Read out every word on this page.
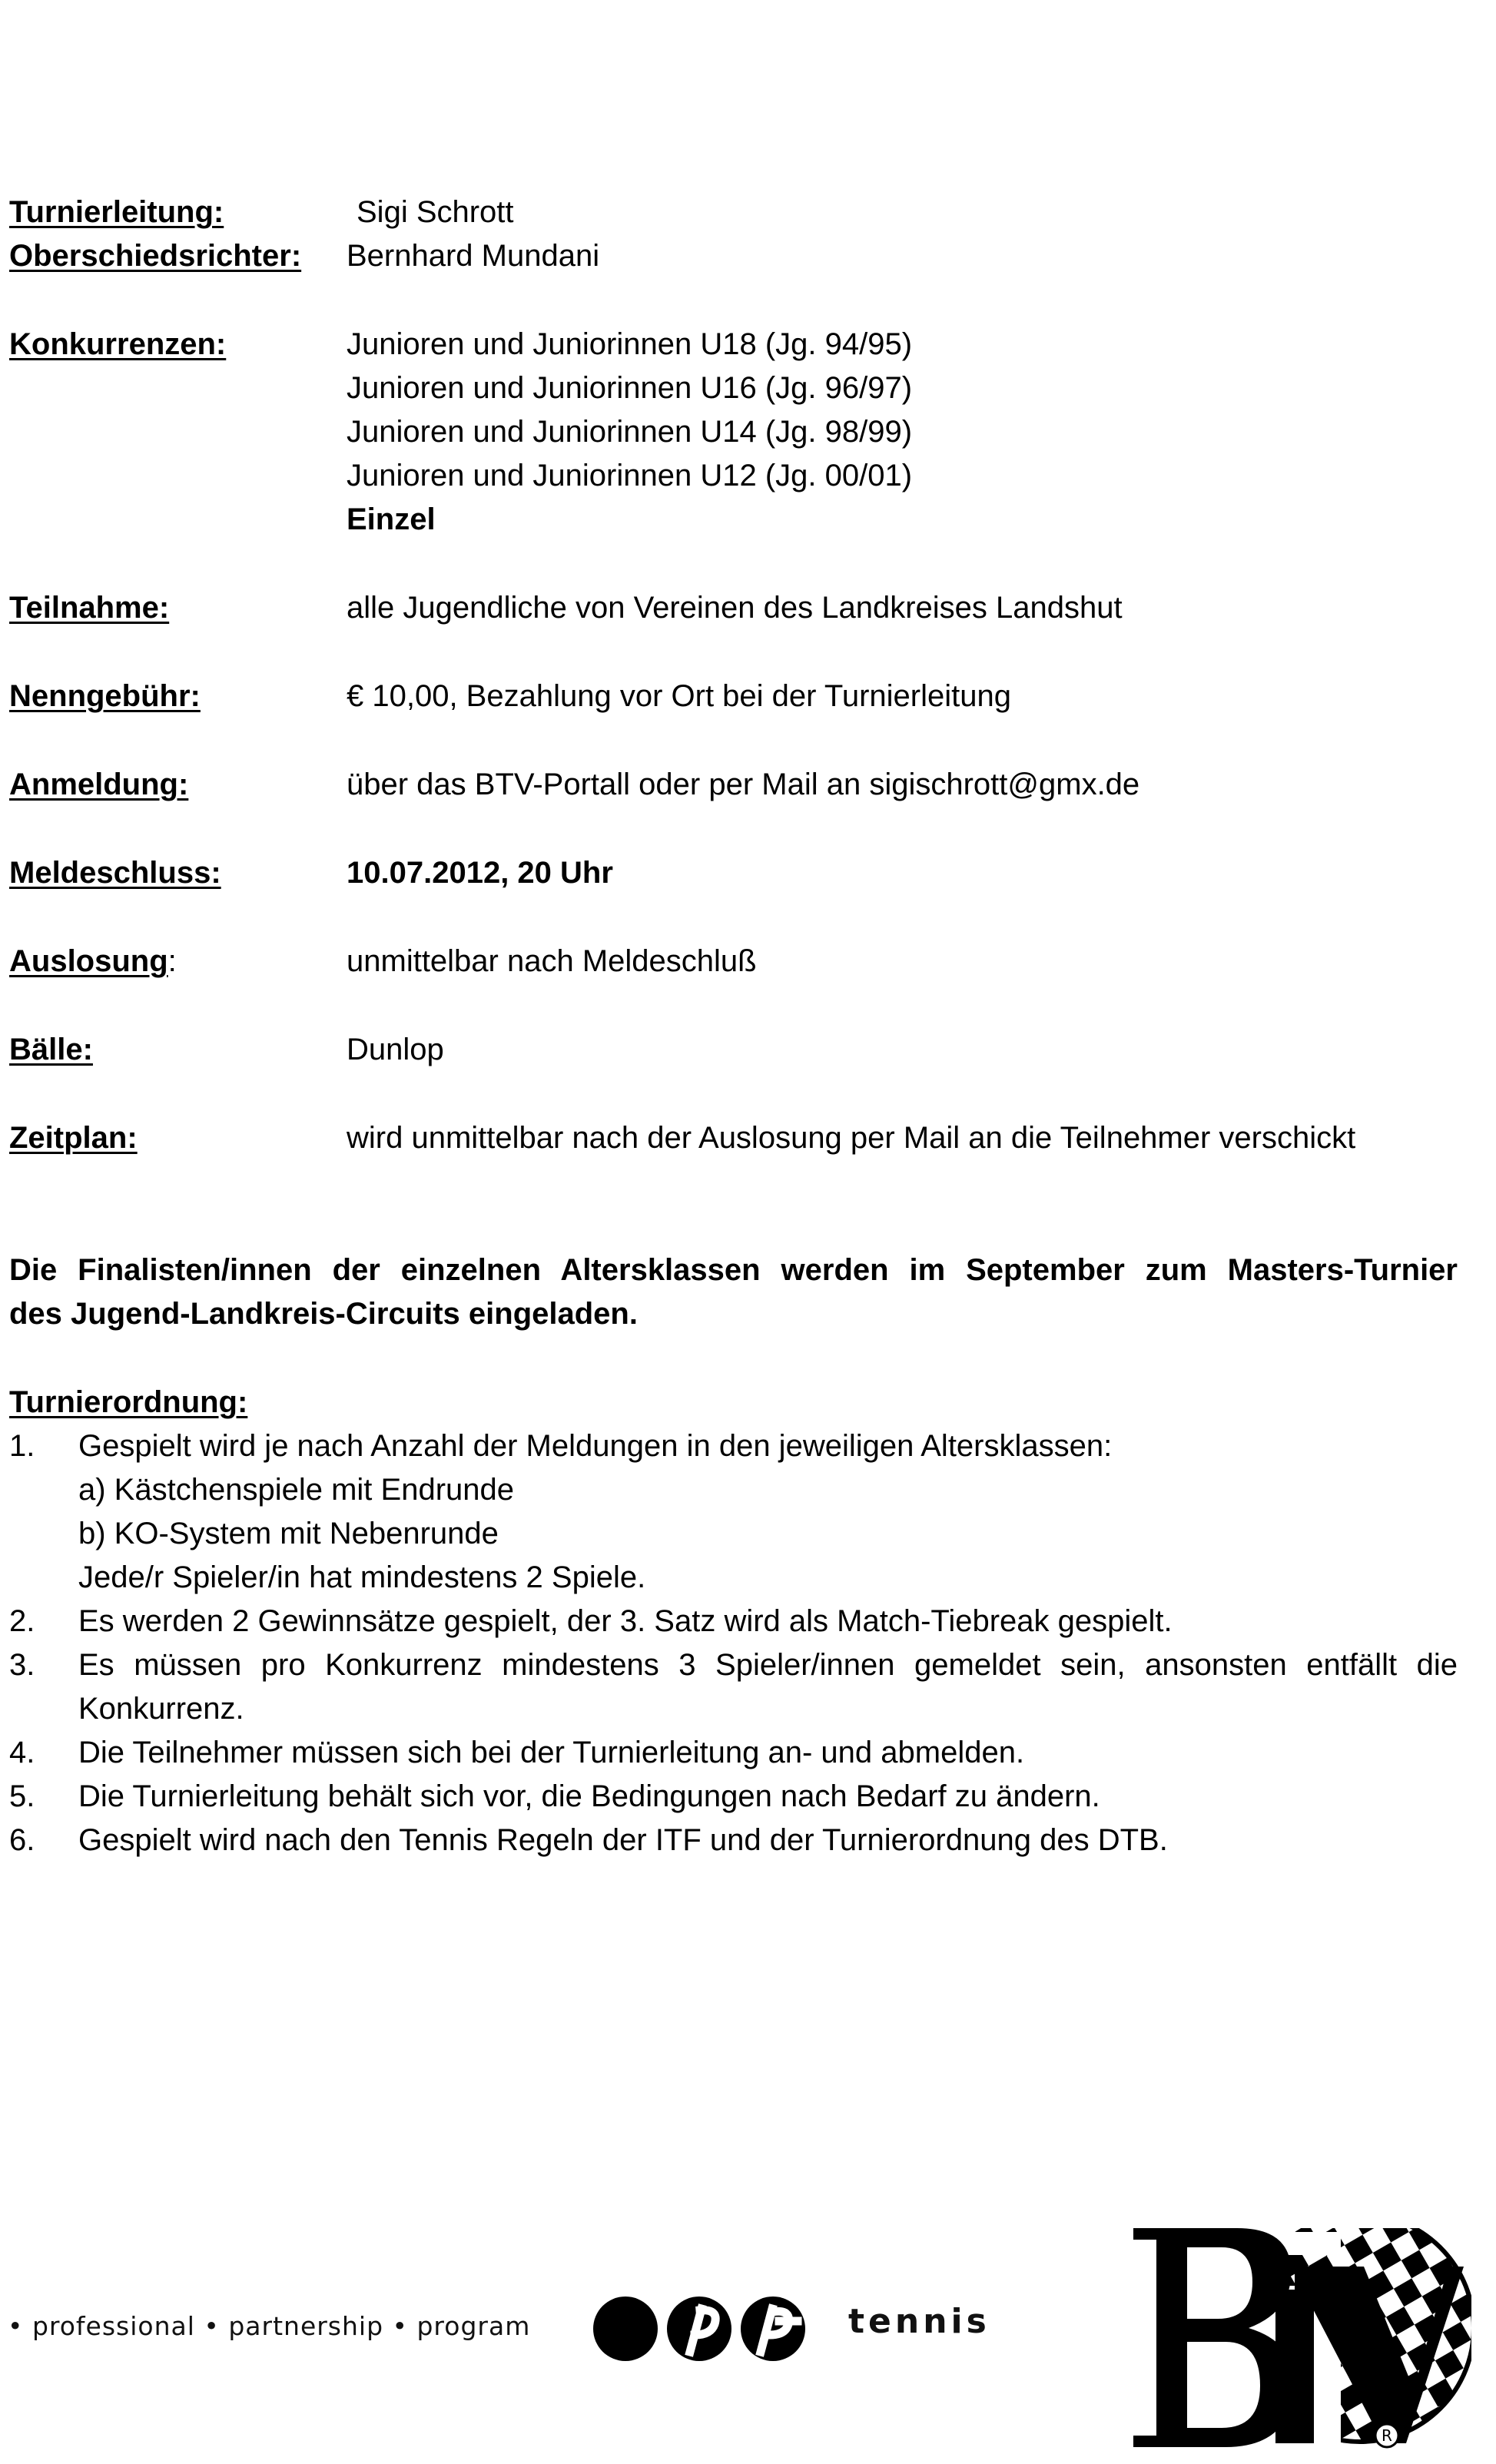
Turnierleitung:	Sigi Schrott
Oberschiedsrichter: Bernhard Mundani
Konkurrenzen:	Junioren und Juniorinnen U18 (Jg. 94/95)
Junioren und Juniorinnen U16 (Jg. 96/97)
Junioren und Juniorinnen U14 (Jg. 98/99)
Junioren und Juniorinnen U12 (Jg. 00/01)
Einzel
Teilnahme:	alle Jugendliche von Vereinen des Landkreises Landshut
Nenngebühr:	€ 10,00, Bezahlung vor Ort bei der Turnierleitung
Anmeldung:	über das BTV-Portall oder per Mail an sigischrott@gmx.de
Meldeschluss:	10.07.2012, 20 Uhr
Auslosung:	unmittelbar nach Meldeschluß
Bälle:	Dunlop
Zeitplan:	wird unmittelbar nach der Auslosung per Mail an die Teilnehmer verschickt
Die Finalisten/innen der einzelnen Altersklassen werden im September zum Masters-Turnier
des Jugend-Landkreis-Circuits eingeladen.
Turnierordnung:
1. Gespielt wird je nach Anzahl der Meldungen in den jeweiligen Altersklassen:
a) Kästchenspiele mit Endrunde
b) KO-System mit Nebenrunde
Jede/r Spieler/in hat mindestens 2 Spiele.
2. Es werden 2 Gewinnsätze gespielt, der 3. Satz wird als Match-Tiebreak gespielt.
3. Es müssen pro Konkurrenz mindestens 3 Spieler/innen gemeldet sein, ansonsten entfällt die
Konkurrenz.
4. Die Teilnehmer müssen sich bei der Turnierleitung an- und abmelden.
5. Die Turnierleitung behält sich vor, die Bedingungen nach Bedarf zu ändern.
6. Gespielt wird nach den Tennis Regeln der ITF und der Turnierordnung des DTB.
• professional • partnership • program	tennis
R
